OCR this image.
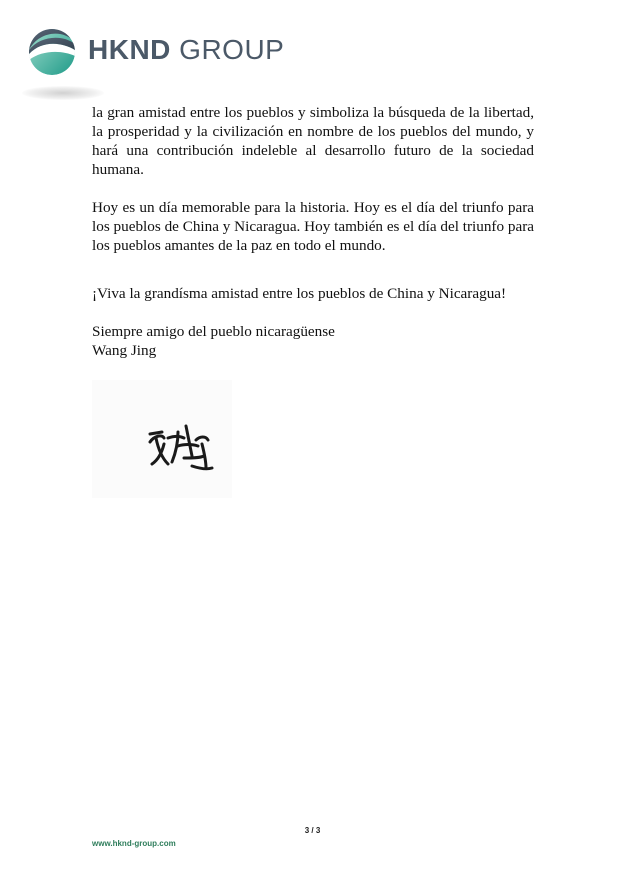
HKND GROUP

la gran amistad entre los pueblos y simboliza la búsqueda de la libertad, la prosperidad y la civilización en nombre de los pueblos del mundo, y hará una contribución indeleble al desarrollo futuro de la sociedad humana.

Hoy es un día memorable para la historia. Hoy es el día del triunfo para los pueblos de China y Nicaragua. Hoy también es el día del triunfo para los pueblos amantes de la paz en todo el mundo.

¡Viva la grandísma amistad entre los pueblos de China y Nicaragua!

Siempre amigo del pueblo nicaragüense

Wang Jing

3 / 3
www.hknd-group.com
